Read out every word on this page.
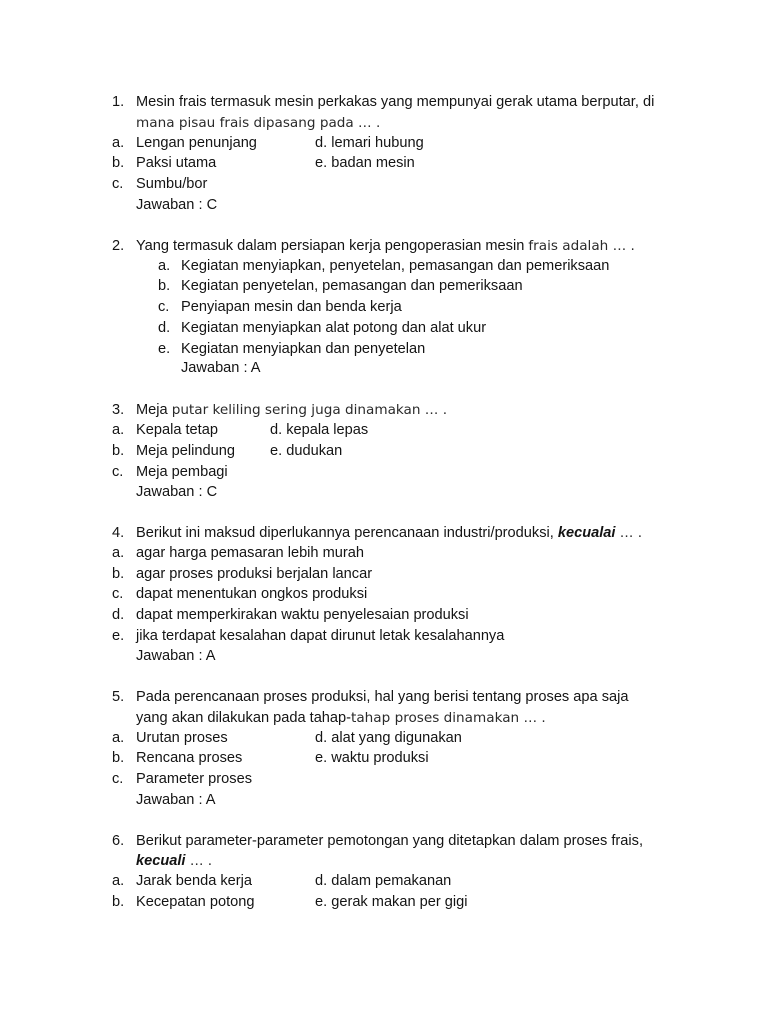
1. Mesin frais termasuk mesin perkakas yang mempunyai gerak utama berputar, di
mana pisau frais dipasang pada … .
a. Lengan penunjang	d. lemari hubung
b. Paksi utama	e. badan mesin
c. Sumbu/bor
Jawaban : C
2. Yang termasuk dalam persiapan kerja pengoperasian mesin frais adalah … .
a. Kegiatan menyiapkan, penyetelan, pemasangan dan pemeriksaan
b. Kegiatan penyetelan, pemasangan dan pemeriksaan
c. Penyiapan mesin dan benda kerja
d. Kegiatan menyiapkan alat potong dan alat ukur
e. Kegiatan menyiapkan dan penyetelan
Jawaban : A
3. Meja putar keliling sering juga dinamakan … .
a. Kepala tetap	d. kepala lepas
b. Meja pelindung e. dudukan
c. Meja pembagi
Jawaban : C
4. Berikut ini maksud diperlukannya perencanaan industri/produksi, kecualai … .
a. agar harga pemasaran lebih murah
b. agar proses produksi berjalan lancar
c. dapat menentukan ongkos produksi
d. dapat memperkirakan waktu penyelesaian produksi
e. jika terdapat kesalahan dapat dirunut letak kesalahannya
Jawaban : A
5. Pada perencanaan proses produksi, hal yang berisi tentang proses apa saja
yang akan dilakukan pada tahap-tahap proses dinamakan … .
a. Urutan proses	d. alat yang digunakan
b. Rencana proses	e. waktu produksi
c. Parameter proses
Jawaban : A
6. Berikut parameter-parameter pemotongan yang ditetapkan dalam proses frais,
kecuali … .
a. Jarak benda kerja	d. dalam pemakanan
b. Kecepatan potong	e. gerak makan per gigi
